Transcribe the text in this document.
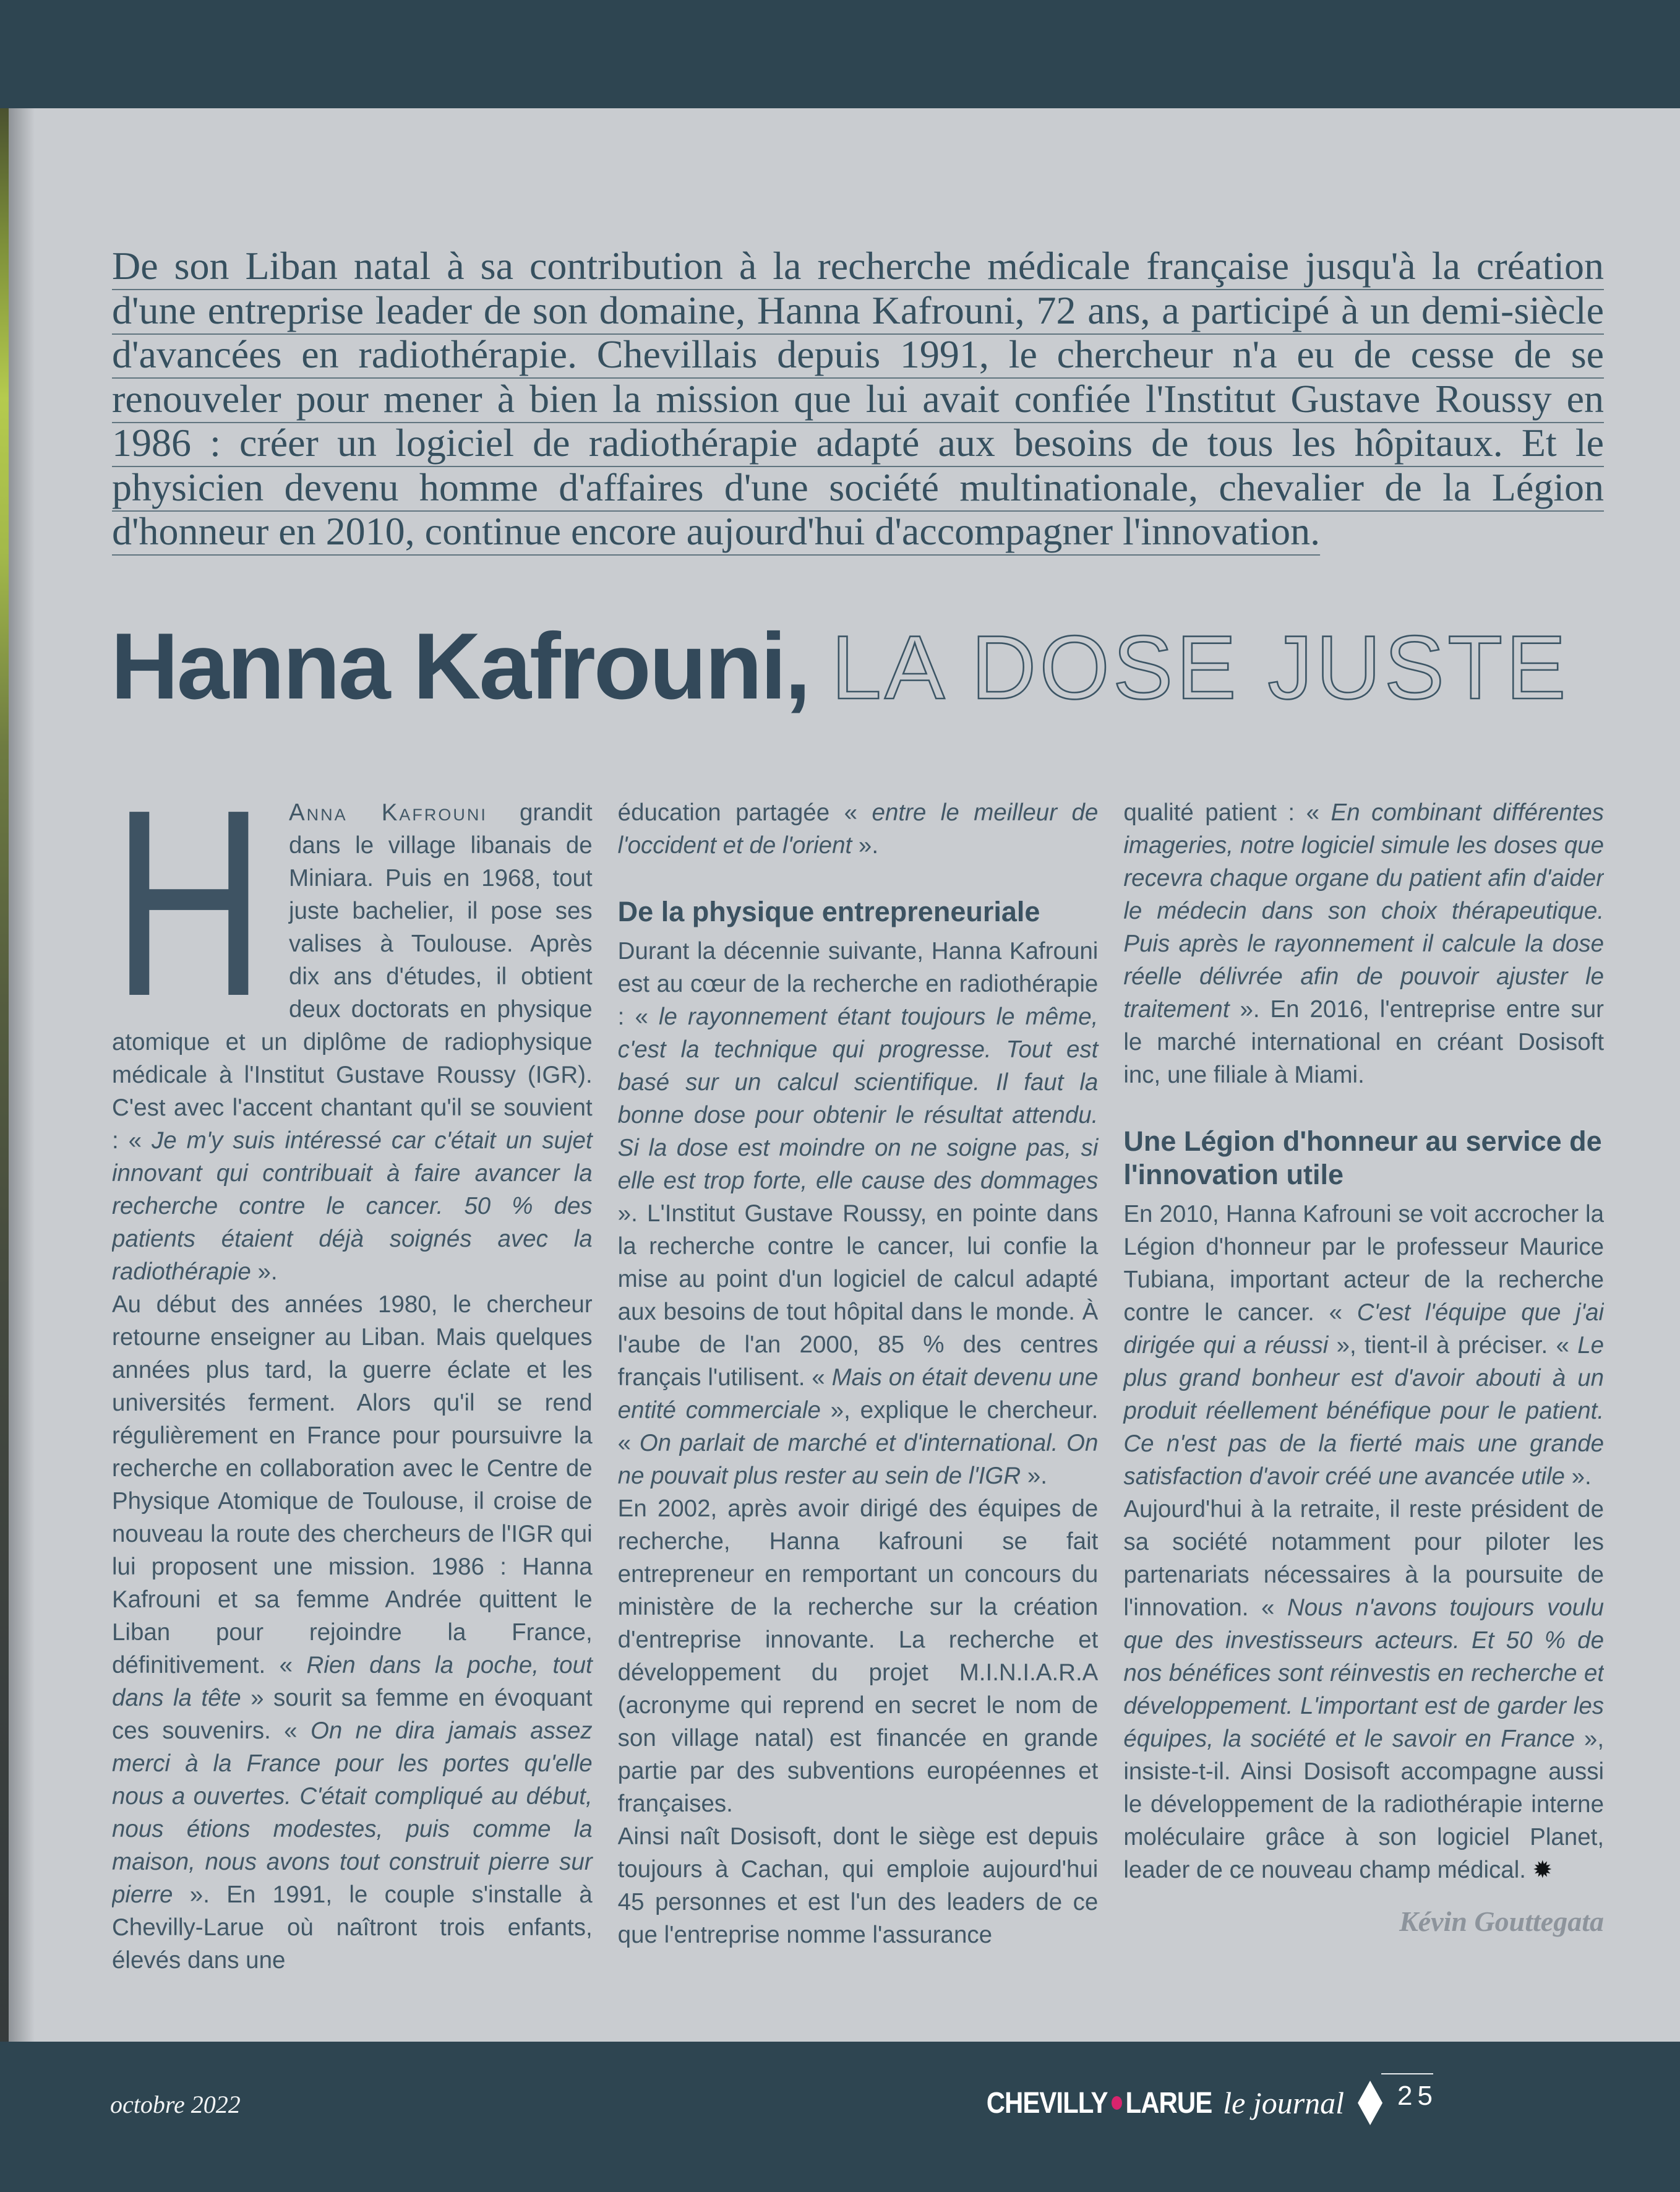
De son Liban natal à sa contribution à la recherche médicale française jusqu'à la création d'une entreprise leader de son domaine, Hanna Kafrouni, 72 ans, a participé à un demi-siècle d'avancées en radiothérapie. Chevillais depuis 1991, le chercheur n'a eu de cesse de se renouveler pour mener à bien la mission que lui avait confiée l'Institut Gustave Roussy en 1986 : créer un logiciel de radiothérapie adapté aux besoins de tous les hôpitaux. Et le physicien devenu homme d'affaires d'une société multinationale, chevalier de la Légion d'honneur en 2010, continue encore aujourd'hui d'accompagner l'innovation.

Hanna Kafrouni, LA DOSE JUSTE

H Anna Kafrouni grandit dans le village libanais de Miniara. Puis en 1968, tout juste bachelier, il pose ses valises à Toulouse. Après dix ans d'études, il obtient deux doctorats en physique atomique et un diplôme de radiophysique médicale à l'Institut Gustave Roussy (IGR). C'est avec l'accent chantant qu'il se souvient : « Je m'y suis intéressé car c'était un sujet innovant qui contribuait à faire avancer la recherche contre le cancer. 50 % des patients étaient déjà soignés avec la radiothérapie ».

Au début des années 1980, le chercheur retourne enseigner au Liban. Mais quelques années plus tard, la guerre éclate et les universités ferment. Alors qu'il se rend régulièrement en France pour poursuivre la recherche en collaboration avec le Centre de Physique Atomique de Toulouse, il croise de nouveau la route des chercheurs de l'IGR qui lui proposent une mission. 1986 : Hanna Kafrouni et sa femme Andrée quittent le Liban pour rejoindre la France, définitivement. « Rien dans la poche, tout dans la tête » sourit sa femme en évoquant ces souvenirs. « On ne dira jamais assez merci à la France pour les portes qu'elle nous a ouvertes. C'était compliqué au début, nous étions modestes, puis comme la maison, nous avons tout construit pierre sur pierre ». En 1991, le couple s'installe à Chevilly-Larue où naîtront trois enfants, élevés dans une

éducation partagée « entre le meilleur de l'occident et de l'orient ».

De la physique entrepreneuriale

Durant la décennie suivante, Hanna Kafrouni est au cœur de la recherche en radiothérapie : « le rayonnement étant toujours le même, c'est la technique qui progresse. Tout est basé sur un calcul scientifique. Il faut la bonne dose pour obtenir le résultat attendu. Si la dose est moindre on ne soigne pas, si elle est trop forte, elle cause des dommages ». L'Institut Gustave Roussy, en pointe dans la recherche contre le cancer, lui confie la mise au point d'un logiciel de calcul adapté aux besoins de tout hôpital dans le monde. À l'aube de l'an 2000, 85 % des centres français l'utilisent. « Mais on était devenu une entité commerciale », explique le chercheur. « On parlait de marché et d'international. On ne pouvait plus rester au sein de l'IGR ».

En 2002, après avoir dirigé des équipes de recherche, Hanna kafrouni se fait entrepreneur en remportant un concours du ministère de la recherche sur la création d'entreprise innovante. La recherche et développement du projet M.I.N.I.A.R.A (acronyme qui reprend en secret le nom de son village natal) est financée en grande partie par des subventions européennes et françaises.

Ainsi naît Dosisoft, dont le siège est depuis toujours à Cachan, qui emploie aujourd'hui 45 personnes et est l'un des leaders de ce que l'entreprise nomme l'assurance

qualité patient : « En combinant différentes imageries, notre logiciel simule les doses que recevra chaque organe du patient afin d'aider le médecin dans son choix thérapeutique. Puis après le rayonnement il calcule la dose réelle délivrée afin de pouvoir ajuster le traitement ». En 2016, l'entreprise entre sur le marché international en créant Dosisoft inc, une filiale à Miami.

Une Légion d'honneur au service de l'innovation utile

En 2010, Hanna Kafrouni se voit accrocher la Légion d'honneur par le professeur Maurice Tubiana, important acteur de la recherche contre le cancer. « C'est l'équipe que j'ai dirigée qui a réussi », tient-il à préciser. « Le plus grand bonheur est d'avoir abouti à un produit réellement bénéfique pour le patient. Ce n'est pas de la fierté mais une grande satisfaction d'avoir créé une avancée utile ».

Aujourd'hui à la retraite, il reste président de sa société notamment pour piloter les partenariats nécessaires à la poursuite de l'innovation. « Nous n'avons toujours voulu que des investisseurs acteurs. Et 50 % de nos bénéfices sont réinvestis en recherche et développement. L'important est de garder les équipes, la société et le savoir en France », insiste-t-il. Ainsi Dosisoft accompagne aussi le développement de la radiothérapie interne moléculaire grâce à son logiciel Planet, leader de ce nouveau champ médical. ✹

Kévin Gouttegata
octobre 2022	CHEVILLY LARUE le journal 25
